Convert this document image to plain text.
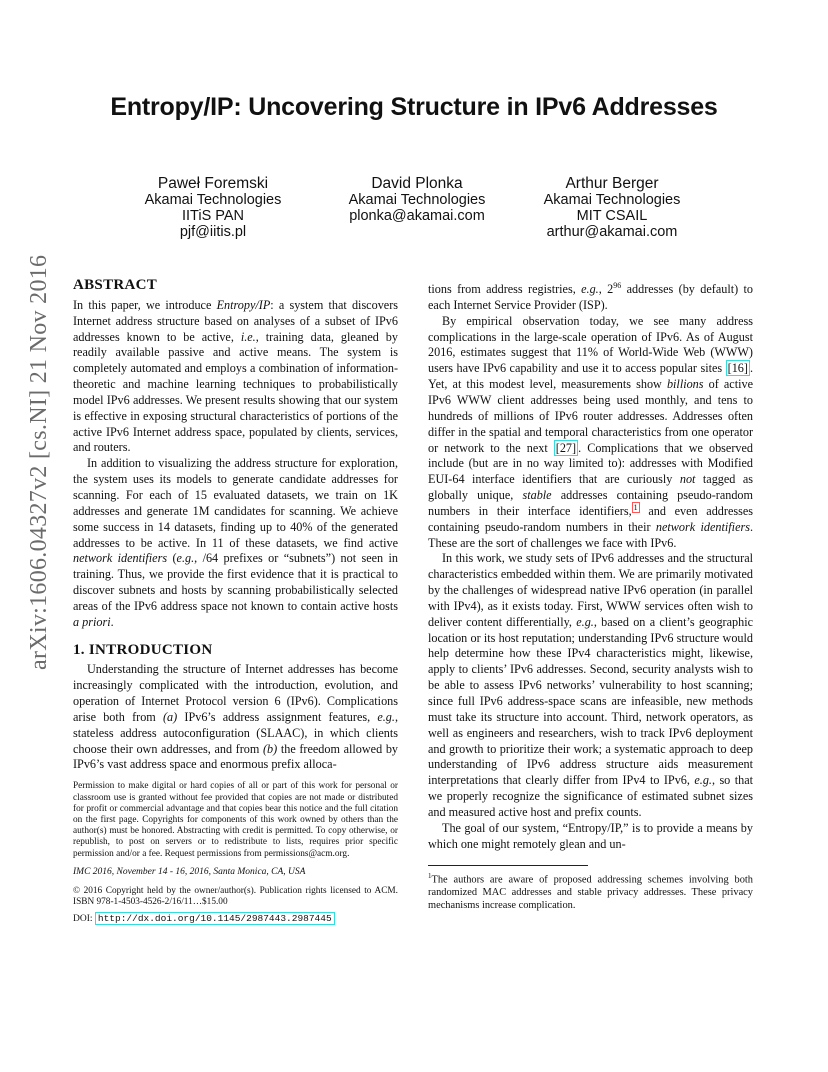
Entropy/IP: Uncovering Structure in IPv6 Addresses
Paweł Foremski
Akamai Technologies
IITiS PAN
pjf@iitis.pl
David Plonka
Akamai Technologies
plonka@akamai.com
Arthur Berger
Akamai Technologies
MIT CSAIL
arthur@akamai.com
arXiv:1606.04327v2 [cs.NI] 21 Nov 2016 ABSTRACT

In this paper, we introduce Entropy/IP: a system that discovers Internet address structure based on analyses of a subset of IPv6 addresses known to be active, i.e., training data, gleaned by readily available passive and active means. The system is completely automated and employs a combination of information-theoretic and machine learning techniques to probabilistically model IPv6 addresses. We present results showing that our system is effective in exposing structural characteristics of portions of the active IPv6 Internet address space, populated by clients, services, and routers.

In addition to visualizing the address structure for exploration, the system uses its models to generate candidate addresses for scanning. For each of 15 evaluated datasets, we train on 1K addresses and generate 1M candidates for scanning. We achieve some success in 14 datasets, finding up to 40% of the generated addresses to be active. In 11 of these datasets, we find active network identifiers (e.g., /64 prefixes or “subnets”) not seen in training. Thus, we provide the first evidence that it is practical to discover subnets and hosts by scanning probabilistically selected areas of the IPv6 address space not known to contain active hosts a priori.

1. INTRODUCTION

Understanding the structure of Internet addresses has become increasingly complicated with the introduction, evolution, and operation of Internet Protocol version 6 (IPv6). Complications arise both from (a) IPv6’s address assignment features, e.g., stateless address autoconfiguration (SLAAC), in which clients choose their own addresses, and from (b) the freedom allowed by IPv6’s vast address space and enormous prefix alloca-

Permission to make digital or hard copies of all or part of this work for personal or classroom use is granted without fee provided that copies are not made or distributed for profit or commercial advantage and that copies bear this notice and the full citation on the first page. Copyrights for components of this work owned by others than the author(s) must be honored. Abstracting with credit is permitted. To copy otherwise, or republish, to post on servers or to redistribute to lists, requires prior specific permission and/or a fee. Request permissions from permissions@acm.org.
IMC 2016, November 14 - 16, 2016, Santa Monica, CA, USA
© 2016 Copyright held by the owner/author(s). Publication rights licensed to ACM. ISBN 978-1-4503-4526-2/16/11…$15.00
DOI: http://dx.doi.org/10.1145/2987443.2987445

tions from address registries, e.g., $2^{96}$ addresses (by default) to each Internet Service Provider (ISP).

By empirical observation today, we see many address complications in the large-scale operation of IPv6. As of August 2016, estimates suggest that 11% of World-Wide Web (WWW) users have IPv6 capability and use it to access popular sites [16] . Yet, at this modest level, measurements show billions of active IPv6 WWW client addresses being used monthly, and tens to hundreds of millions of IPv6 router addresses. Addresses often differ in the spatial and temporal characteristics from one operator or network to the next [27] . Complications that we observed include (but are in no way limited to): addresses with Modified EUI-64 interface identifiers that are curiously not tagged as globally unique, stable addresses containing pseudo-random numbers in their interface identifiers, $^1$ and even addresses containing pseudo-random numbers in their network identifiers. These are the sort of challenges we face with IPv6.

In this work, we study sets of IPv6 addresses and the structural characteristics embedded within them. We are primarily motivated by the challenges of widespread native IPv6 operation (in parallel with IPv4), as it exists today. First, WWW services often wish to deliver content differentially, e.g., based on a client’s geographic location or its host reputation; understanding IPv6 structure would help determine how these IPv4 characteristics might, likewise, apply to clients’ IPv6 addresses. Second, security analysts wish to be able to assess IPv6 networks’ vulnerability to host scanning; since full IPv6 address-space scans are infeasible, new methods must take its structure into account. Third, network operators, as well as engineers and researchers, wish to track IPv6 deployment and growth to prioritize their work; a systematic approach to deep understanding of IPv6 address structure aids measurement interpretations that clearly differ from IPv4 to IPv6, e.g., so that we properly recognize the significance of estimated subnet sizes and measured active host and prefix counts.

The goal of our system, “Entropy/IP,” is to provide a means by which one might remotely glean and un-

$^1$The authors are aware of proposed addressing schemes involving both randomized MAC addresses and stable privacy addresses. These privacy mechanisms increase complication.
